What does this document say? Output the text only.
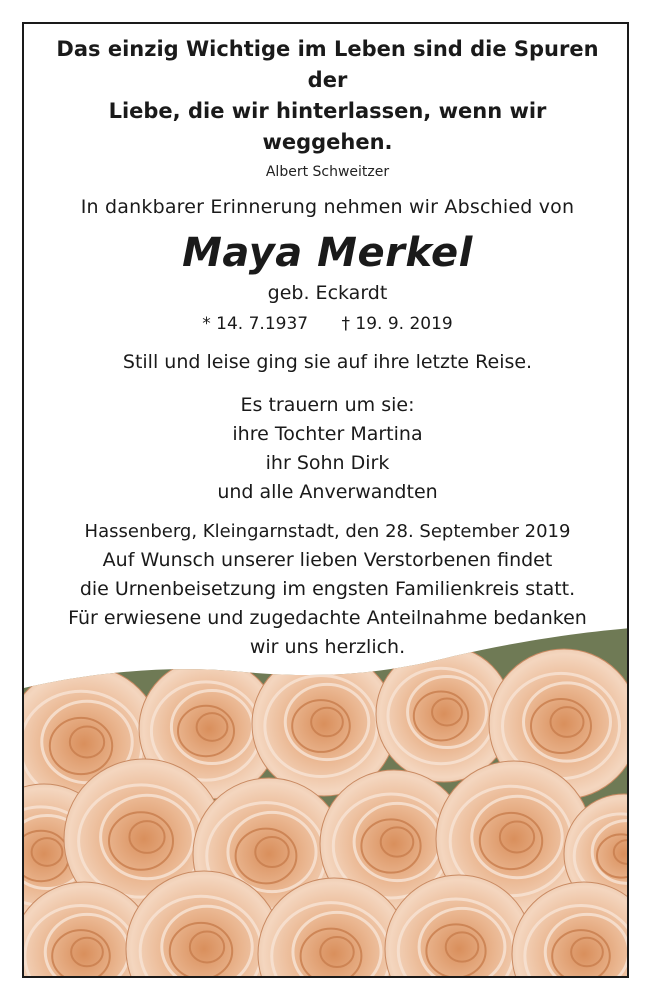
Das einzig Wichtige im Leben sind die Spuren der
Liebe, die wir hinterlassen, wenn wir weggehen.
Albert Schweitzer
In dankbarer Erinnerung nehmen wir Abschied von
Maya Merkel
geb. Eckardt
* 14. 7.1937 † 19. 9. 2019
Still und leise ging sie auf ihre letzte Reise.
Es trauern um sie:
ihre Tochter Martina
ihr Sohn Dirk
und alle Anverwandten
Hassenberg, Kleingarnstadt, den 28. September 2019
Auf Wunsch unserer lieben Verstorbenen findet
die Urnenbeisetzung im engsten Familienkreis statt.
Für erwiesene und zugedachte Anteilnahme bedanken
wir uns herzlich.
